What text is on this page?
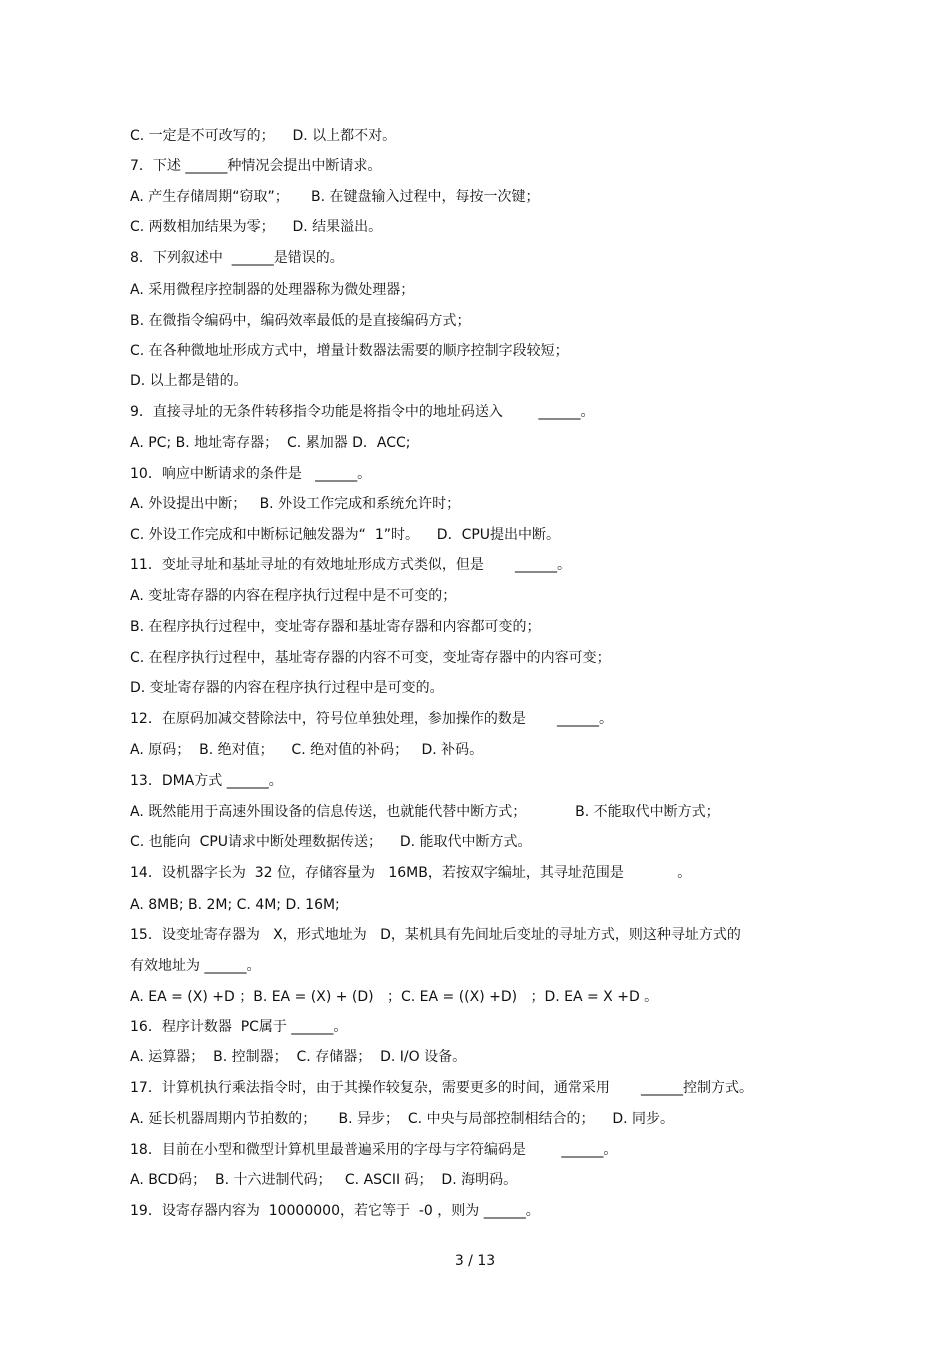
C. 一定是不可改写的；    D. 以上都不对。
7．下述 ______种情况会提出中断请求。
A. 产生存储周期“窃取”；     B. 在键盘输入过程中，每按一次键；
C. 两数相加结果为零；    D. 结果溢出。
8．下列叙述中  ______是错误的。
A. 采用微程序控制器的处理器称为微处理器；
B. 在微指令编码中，编码效率最低的是直接编码方式；
C. 在各种微地址形成方式中，增量计数器法需要的顺序控制字段较短；
D. 以上都是错的。
9．直接寻址的无条件转移指令功能是将指令中的地址码送入        ______。
A. PC; B. 地址寄存器；  C. 累加器 D．ACC;
10．响应中断请求的条件是   ______。
A. 外设提出中断；   B. 外设工作完成和系统允许时；
C. 外设工作完成和中断标记触发器为“  1”时。    D．CPU提出中断。
11．变址寻址和基址寻址的有效地址形成方式类似，但是       ______。
A. 变址寄存器的内容在程序执行过程中是不可变的；
B. 在程序执行过程中，变址寄存器和基址寄存器和内容都可变的；
C. 在程序执行过程中，基址寄存器的内容不可变，变址寄存器中的内容可变；
D. 变址寄存器的内容在程序执行过程中是可变的。
12．在原码加减交替除法中，符号位单独处理，参加操作的数是       ______。
A. 原码；  B. 绝对值；    C. 绝对值的补码；   D. 补码。
13．DMA方式 ______。
A. 既然能用于高速外围设备的信息传送，也就能代替中断方式；           B. 不能取代中断方式；
C. 也能向  CPU请求中断处理数据传送；    D. 能取代中断方式。
14．设机器字长为  32 位，存储容量为   16MB，若按双字编址，其寻址范围是            。
A. 8MB; B. 2M; C. 4M; D. 16M;
15．设变址寄存器为   X，形式地址为   D，某机具有先间址后变址的寻址方式，则这种寻址方式的
有效地址为 ______。
A. EA = (X) +D ；B. EA = (X) + (D)   ；C. EA = ((X) +D)   ；D. EA = X +D 。
16．程序计数器  PC属于 ______。
A. 运算器；  B. 控制器；  C. 存储器；  D. I/O 设备。
17．计算机执行乘法指令时，由于其操作较复杂，需要更多的时间，通常采用       ______控制方式。
A. 延长机器周期内节拍数的；     B. 异步；  C. 中央与局部控制相结合的；    D. 同步。
18．目前在小型和微型计算机里最普遍采用的字母与字符编码是        ______。
A. BCD码；  B. 十六进制代码；   C. ASCII 码；  D. 海明码。
19．设寄存器内容为  10000000，若它等于  -0 ，则为 ______。
3 / 13
